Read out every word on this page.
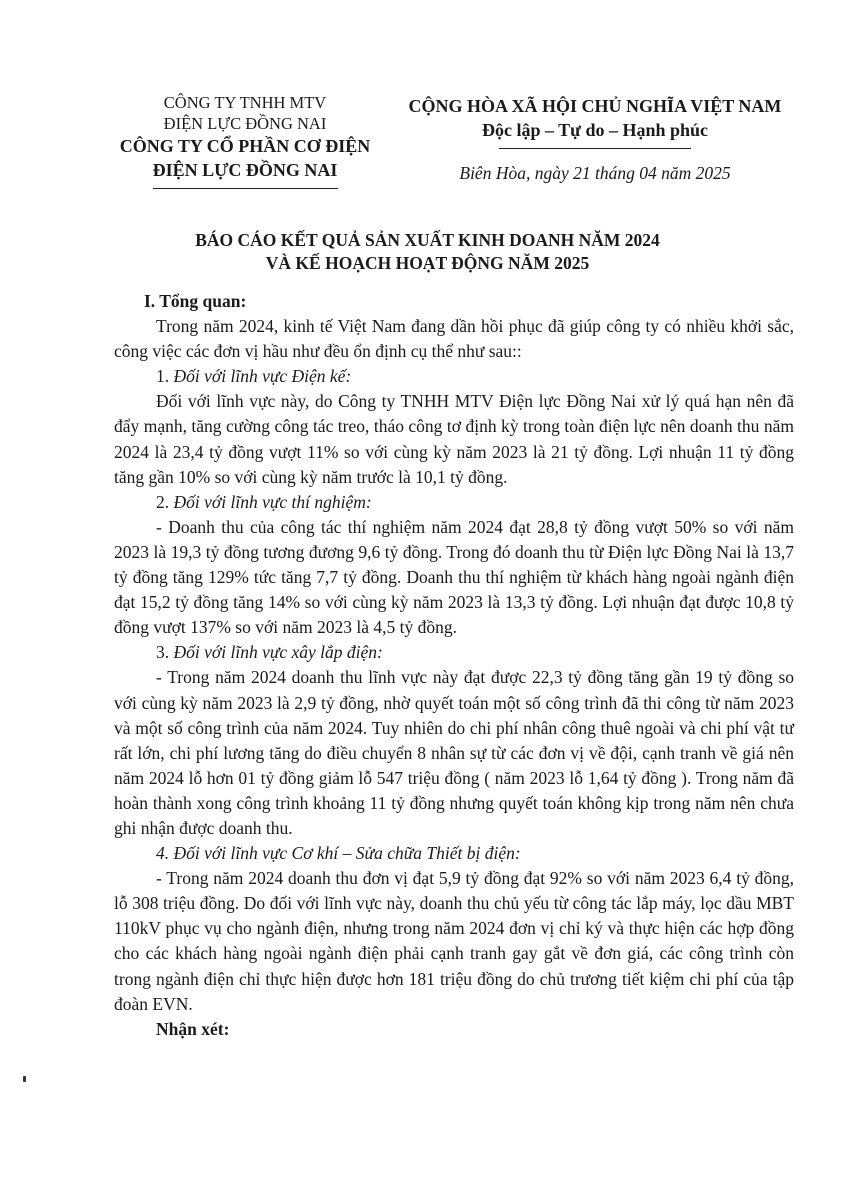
CÔNG TY TNHH MTV
ĐIỆN LỰC ĐỒNG NAI
CÔNG TY CỔ PHẦN CƠ ĐIỆN
ĐIỆN LỰC ĐỒNG NAI
CỘNG HÒA XÃ HỘI CHỦ NGHĨA VIỆT NAM
Độc lập – Tự do – Hạnh phúc
Biên Hòa, ngày 21 tháng 04 năm 2025
BÁO CÁO KẾT QUẢ SẢN XUẤT KINH DOANH NĂM 2024
VÀ KẾ HOẠCH HOẠT ĐỘNG NĂM 2025

I. Tổng quan:

Trong năm 2024, kinh tế Việt Nam đang dần hồi phục đã giúp công ty có nhiều khởi sắc, công việc các đơn vị hầu như đều ổn định cụ thể như sau::

1. Đối với lĩnh vực Điện kế:

Đối với lĩnh vực này, do Công ty TNHH MTV Điện lực Đồng Nai xử lý quá hạn nên đã đẩy mạnh, tăng cường công tác treo, tháo công tơ định kỳ trong toàn điện lực nên doanh thu năm 2024 là 23,4 tỷ đồng vượt 11% so với cùng kỳ năm 2023 là 21 tỷ đồng. Lợi nhuận 11 tỷ đồng tăng gần 10% so với cùng kỳ năm trước là 10,1 tỷ đồng.

2. Đối với lĩnh vực thí nghiệm:

- Doanh thu của công tác thí nghiệm năm 2024 đạt 28,8 tỷ đồng vượt 50% so với năm 2023 là 19,3 tỷ đồng tương đương 9,6 tỷ đồng. Trong đó doanh thu từ Điện lực Đồng Nai là 13,7 tỷ đồng tăng 129% tức tăng 7,7 tỷ đồng. Doanh thu thí nghiệm từ khách hàng ngoài ngành điện đạt 15,2 tỷ đồng tăng 14% so với cùng kỳ năm 2023 là 13,3 tỷ đồng. Lợi nhuận đạt được 10,8 tỷ đồng vượt 137% so với năm 2023 là 4,5 tỷ đồng.

3. Đối với lĩnh vực xây lắp điện:

- Trong năm 2024 doanh thu lĩnh vực này đạt được 22,3 tỷ đồng tăng gần 19 tỷ đồng so với cùng kỳ năm 2023 là 2,9 tỷ đồng, nhờ quyết toán một số công trình đã thi công từ năm 2023 và một số công trình của năm 2024. Tuy nhiên do chi phí nhân công thuê ngoài và chi phí vật tư rất lớn, chi phí lương tăng do điều chuyển 8 nhân sự từ các đơn vị về đội, cạnh tranh về giá nên năm 2024 lỗ hơn 01 tỷ đồng giảm lỗ 547 triệu đồng ( năm 2023 lỗ 1,64 tỷ đồng ). Trong năm đã hoàn thành xong công trình khoảng 11 tỷ đồng nhưng quyết toán không kịp trong năm nên chưa ghi nhận được doanh thu.

4. Đối với lĩnh vực Cơ khí – Sửa chữa Thiết bị điện:

- Trong năm 2024 doanh thu đơn vị đạt 5,9 tỷ đồng đạt 92% so với năm 2023 6,4 tỷ đồng, lỗ 308 triệu đồng. Do đối với lĩnh vực này, doanh thu chủ yếu từ công tác lắp máy, lọc dầu MBT 110kV phục vụ cho ngành điện, nhưng trong năm 2024 đơn vị chỉ ký và thực hiện các hợp đồng cho các khách hàng ngoài ngành điện phải cạnh tranh gay gắt về đơn giá, các công trình còn trong ngành điện chỉ thực hiện được hơn 181 triệu đồng do chủ trương tiết kiệm chi phí của tập đoàn EVN.

Nhận xét:
